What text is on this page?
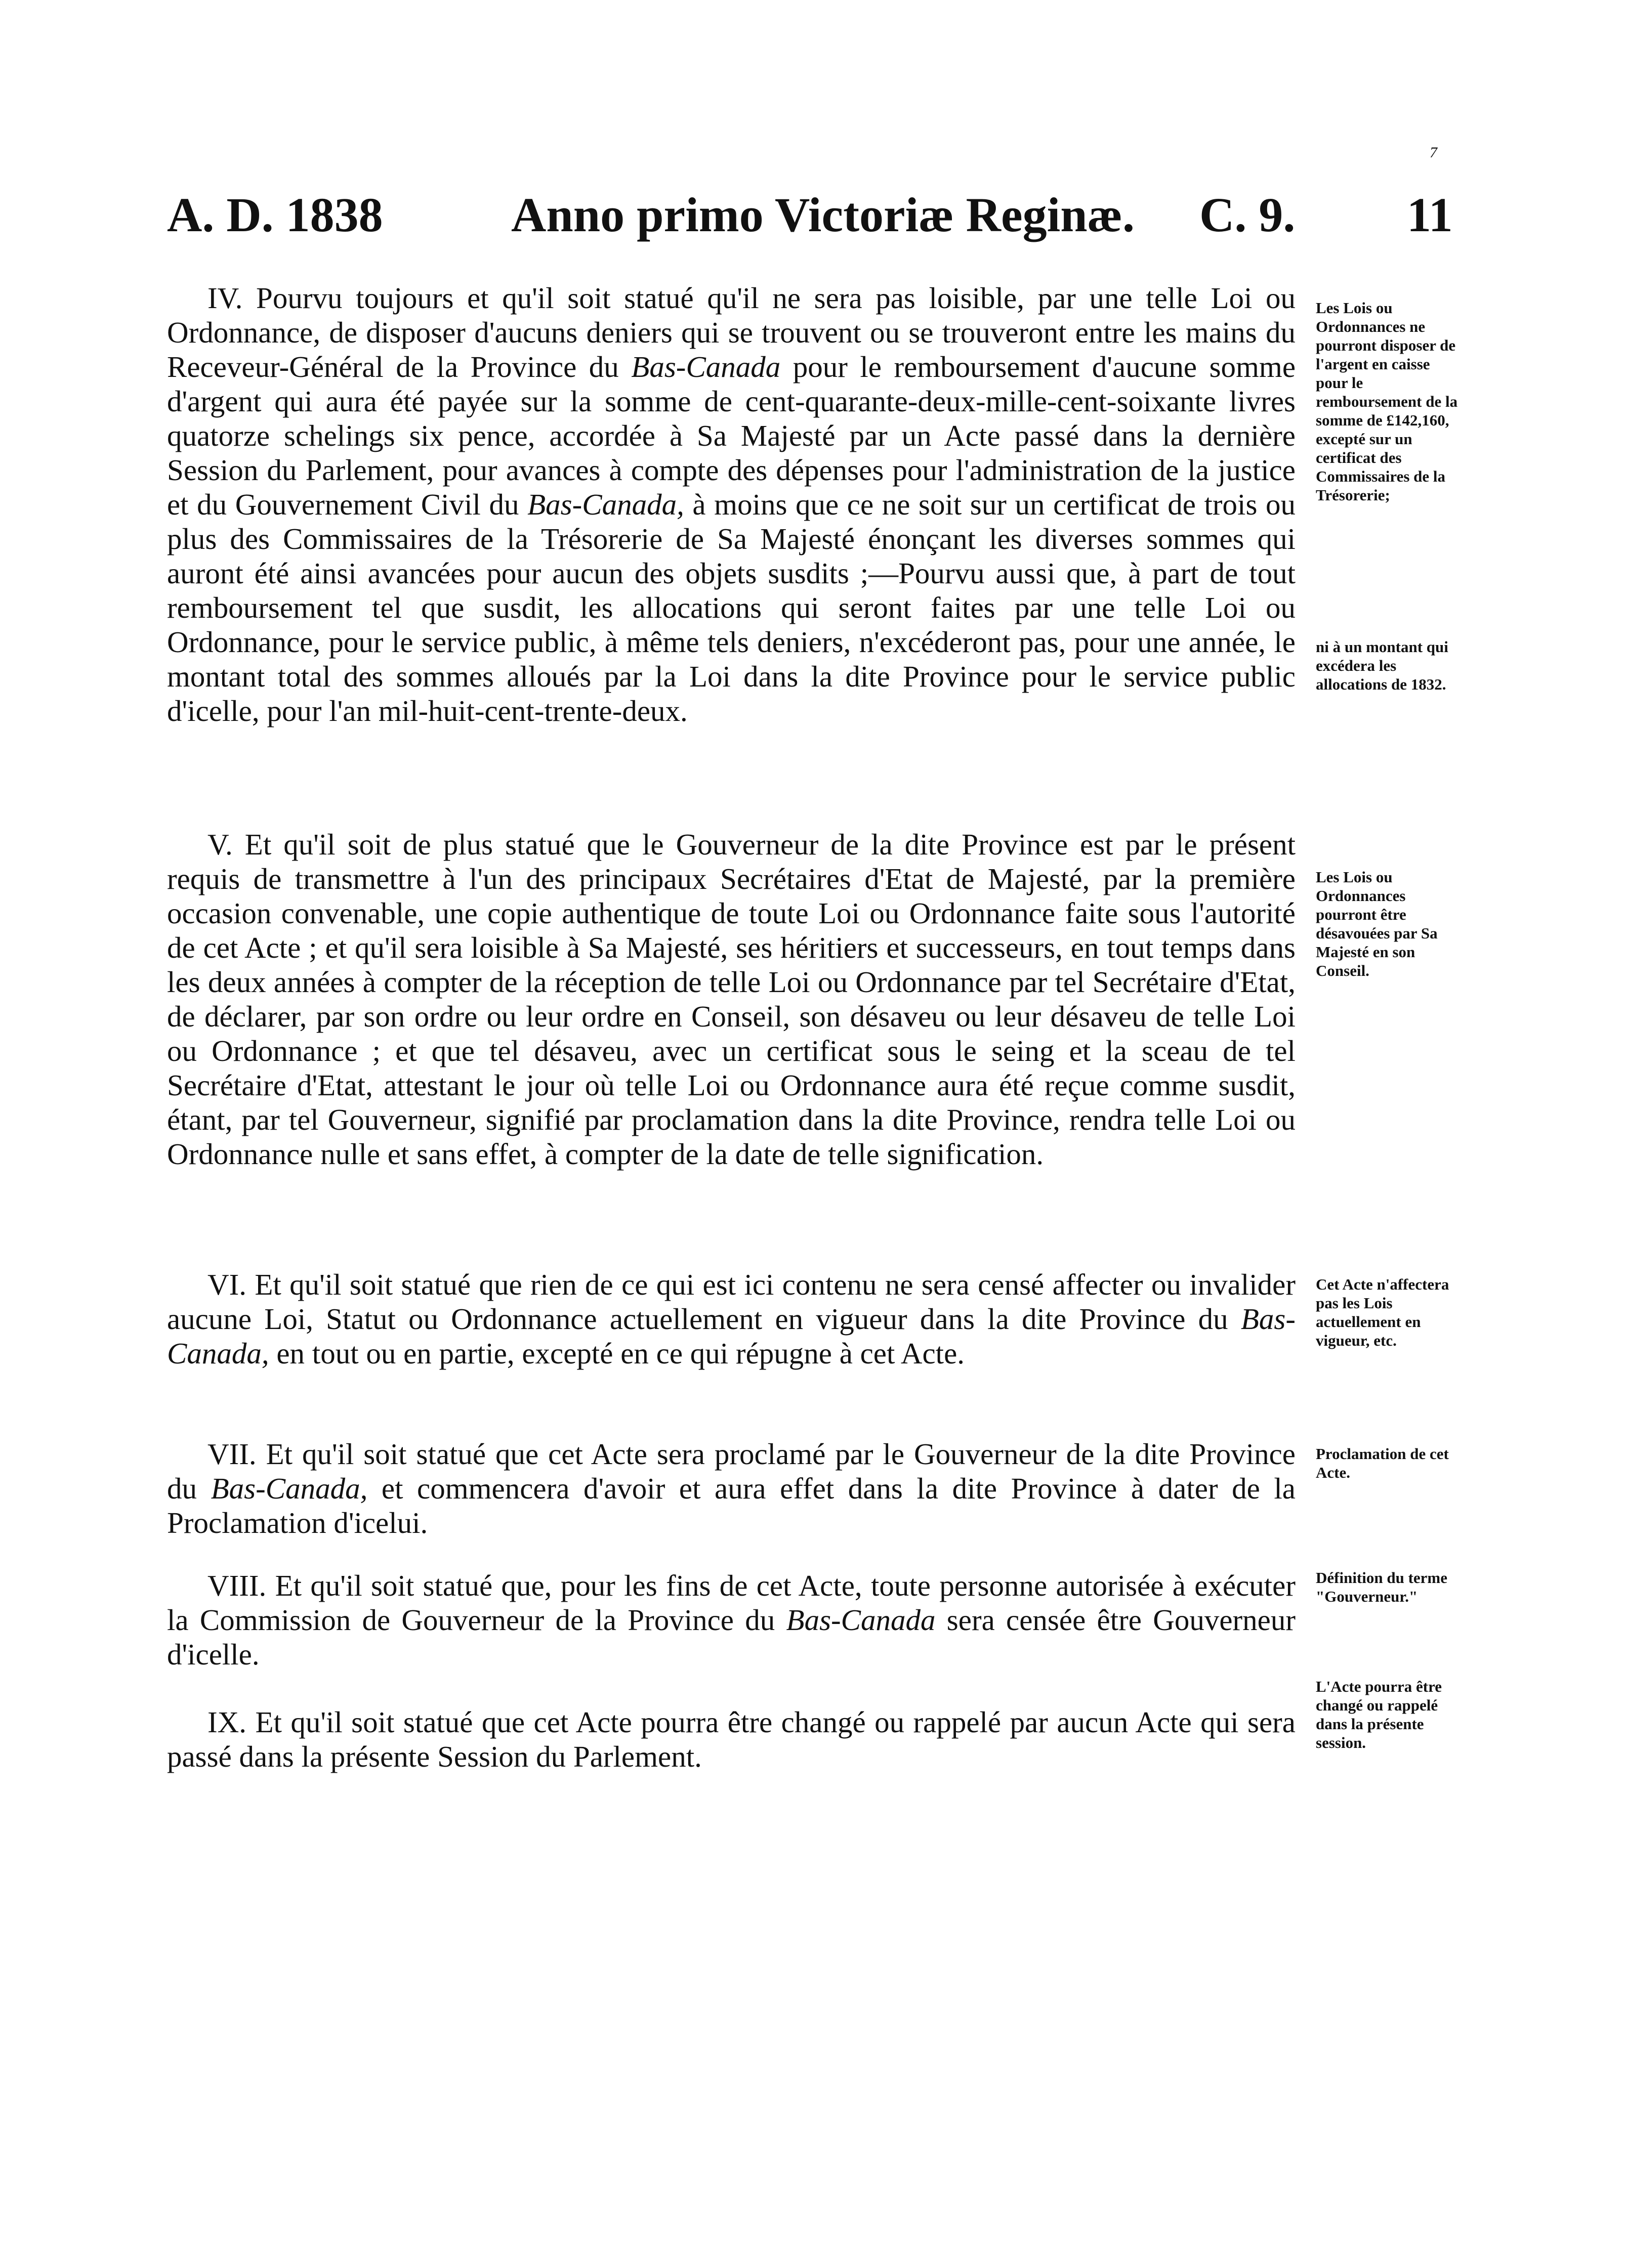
7
A. D. 1838	Anno primo Victoriæ Reginæ. C. 9. 11
IV. Pourvu toujours et qu'il soit statué qu'il ne sera pas loisible, par une telle Loi ou Ordonnance, de disposer d'aucuns deniers qui se trouvent ou se trouveront entre les mains du Receveur-Général de la Province du Bas-Canada pour le remboursement d'aucune somme d'argent qui aura été payée sur la somme de cent-quarante-deux-mille-cent-soixante livres quatorze schelings six pence, accordée à Sa Majesté par un Acte passé dans la dernière Session du Parlement, pour avances à compte des dépenses pour l'administration de la justice et du Gouvernement Civil du Bas-Canada, à moins que ce ne soit sur un certificat de trois ou plus des Commissaires de la Trésorerie de Sa Majesté énonçant les diverses sommes qui auront été ainsi avancées pour aucun des objets susdits ;—Pourvu aussi que, à part de tout remboursement tel que susdit, les allocations qui seront faites par une telle Loi ou Ordonnance, pour le service public, à même tels deniers, n'excéderont pas, pour une année, le montant total des sommes alloués par la Loi dans la dite Province pour le service public d'icelle, pour l'an mil-huit-cent-trente-deux.
Les Lois ou Ordonnances ne pourront disposer de l'argent en caisse pour le remboursement de la somme de £142,160, excepté sur un certificat des Commissaires de la Trésorerie;
ni à un montant qui excédera les allocations de 1832.
V. Et qu'il soit de plus statué que le Gouverneur de la dite Province est par le présent requis de transmettre à l'un des principaux Secrétaires d'Etat de Majesté, par la première occasion convenable, une copie authentique de toute Loi ou Ordonnance faite sous l'autorité de cet Acte ; et qu'il sera loisible à Sa Majesté, ses héritiers et successeurs, en tout temps dans les deux années à compter de la réception de telle Loi ou Ordonnance par tel Secrétaire d'Etat, de déclarer, par son ordre ou leur ordre en Conseil, son désaveu ou leur désaveu de telle Loi ou Ordonnance ; et que tel désaveu, avec un certificat sous le seing et la sceau de tel Secrétaire d'Etat, attestant le jour où telle Loi ou Ordonnance aura été reçue comme susdit, étant, par tel Gouverneur, signifié par proclamation dans la dite Province, rendra telle Loi ou Ordonnance nulle et sans effet, à compter de la date de telle signification.
Les Lois ou Ordonnances pourront être désavouées par Sa Majesté en son Conseil.
VI. Et qu'il soit statué que rien de ce qui est ici contenu ne sera censé affecter ou invalider aucune Loi, Statut ou Ordonnance actuellement en vigueur dans la dite Province du Bas-Canada, en tout ou en partie, excepté en ce qui répugne à cet Acte.
Cet Acte n'affectera pas les Lois actuellement en vigueur, etc.
VII. Et qu'il soit statué que cet Acte sera proclamé par le Gouverneur de la dite Province du Bas-Canada, et commencera d'avoir et aura effet dans la dite Province à dater de la Proclamation d'icelui.
Proclamation de cet Acte.
VIII. Et qu'il soit statué que, pour les fins de cet Acte, toute personne autorisée à exécuter la Commission de Gouverneur de la Province du Bas-Canada sera censée être Gouverneur d'icelle.
Définition du terme "Gouverneur."
IX. Et qu'il soit statué que cet Acte pourra être changé ou rappelé par aucun Acte qui sera passé dans la présente Session du Parlement.
L'Acte pourra être changé ou rappelé dans la présente session.
